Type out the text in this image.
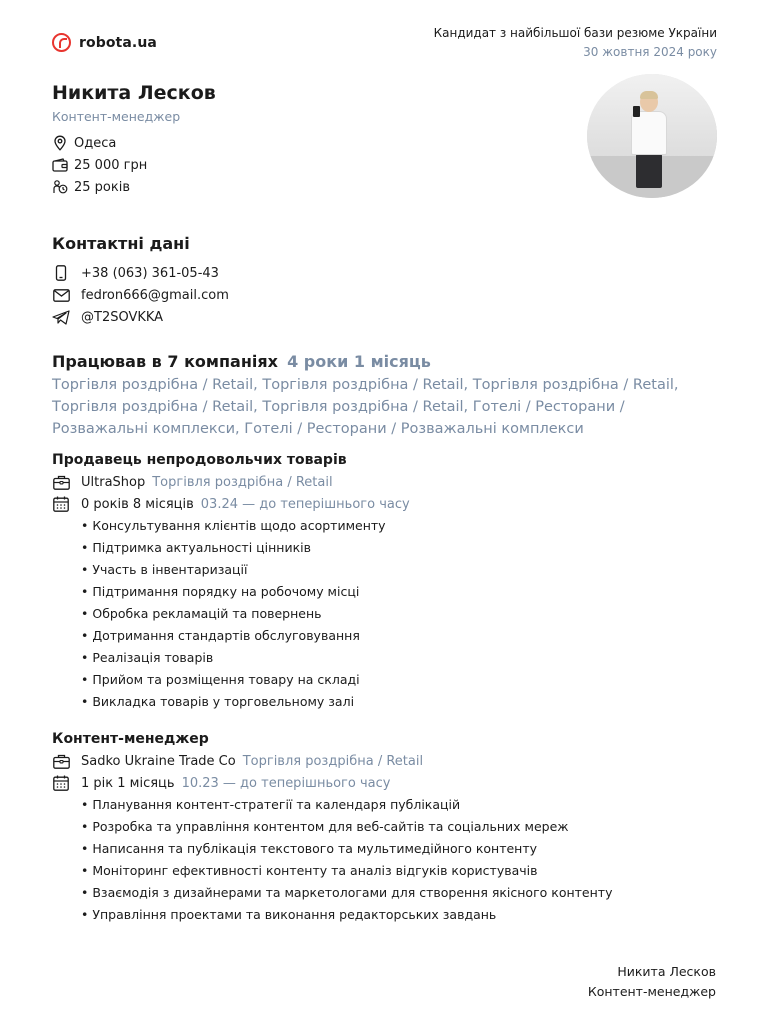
robota.ua
Кандидат з найбільшої бази резюме України
30 жовтня 2024 року
Никита Лесков
Контент-менеджер
Одеса
25 000 грн
25 років
Контактні дані
+38 (063) 361-05-43
fedron666@gmail.com
@T2SOVKKA
Працював в 7 компаніях 4 роки 1 місяць
Торгівля роздрібна / Retail, Торгівля роздрібна / Retail, Торгівля роздрібна / Retail, Торгівля роздрібна / Retail, Торгівля роздрібна / Retail, Готелі / Ресторани / Розважальні комплекси, Готелі / Ресторани / Розважальні комплекси
Продавець непродовольчих товарів
UltraShop Торгівля роздрібна / Retail
0 років 8 місяців 03.24 — до теперішнього часу
• Консультування клієнтів щодо асортименту
• Підтримка актуальності цінників
• Участь в інвентаризації
• Підтримання порядку на робочому місці
• Обробка рекламацій та повернень
• Дотримання стандартів обслуговування
• Реалізація товарів
• Прийом та розміщення товару на складі
• Викладка товарів у торговельному залі
Контент-менеджер
Sadko Ukraine Trade Co Торгівля роздрібна / Retail
1 рік 1 місяць 10.23 — до теперішнього часу
• Планування контент-стратегії та календаря публікацій
• Розробка та управління контентом для веб-сайтів та соціальних мереж
• Написання та публікація текстового та мультимедійного контенту
• Моніторинг ефективності контенту та аналіз відгуків користувачів
• Взаємодія з дизайнерами та маркетологами для створення якісного контенту
• Управління проектами та виконання редакторських завдань
Никита Лесков
Контент-менеджер
